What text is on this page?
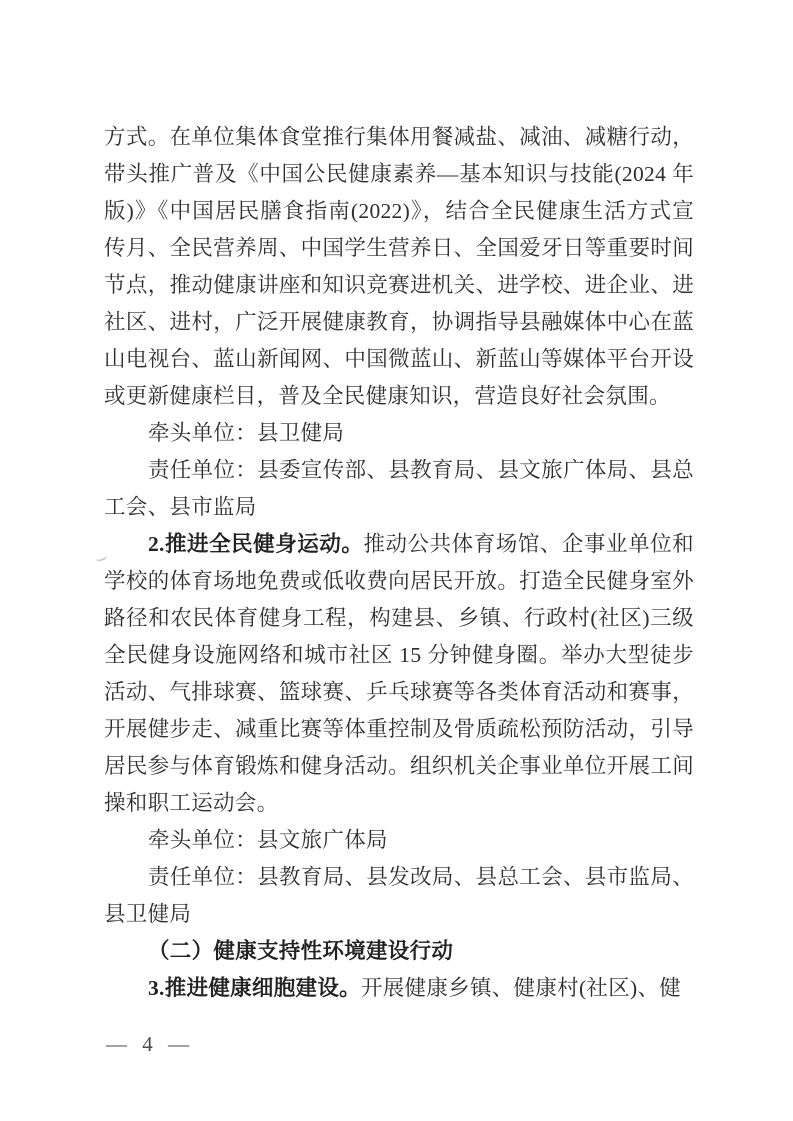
方式。在单位集体食堂推行集体用餐减盐、减油、减糖行动，带头推广普及《中国公民健康素养—基本知识与技能(2024 年版)》《中国居民膳食指南(2022)》，结合全民健康生活方式宣传月、全民营养周、中国学生营养日、全国爱牙日等重要时间节点，推动健康讲座和知识竞赛进机关、进学校、进企业、进社区、进村，广泛开展健康教育，协调指导县融媒体中心在蓝山电视台、蓝山新闻网、中国微蓝山、新蓝山等媒体平台开设或更新健康栏目，普及全民健康知识，营造良好社会氛围。

牵头单位：县卫健局

责任单位：县委宣传部、县教育局、县文旅广体局、县总工会、县市监局

2.推进全民健身运动。推动公共体育场馆、企事业单位和学校的体育场地免费或低收费向居民开放。打造全民健身室外路径和农民体育健身工程，构建县、乡镇、行政村(社区)三级全民健身设施网络和城市社区 15 分钟健身圈。举办大型徒步活动、气排球赛、篮球赛、乒乓球赛等各类体育活动和赛事，开展健步走、减重比赛等体重控制及骨质疏松预防活动，引导居民参与体育锻炼和健身活动。组织机关企事业单位开展工间操和职工运动会。

牵头单位：县文旅广体局

责任单位：县教育局、县发改局、县总工会、县市监局、县卫健局

（二）健康支持性环境建设行动

3.推进健康细胞建设。开展健康乡镇、健康村(社区)、健

— 4 —
